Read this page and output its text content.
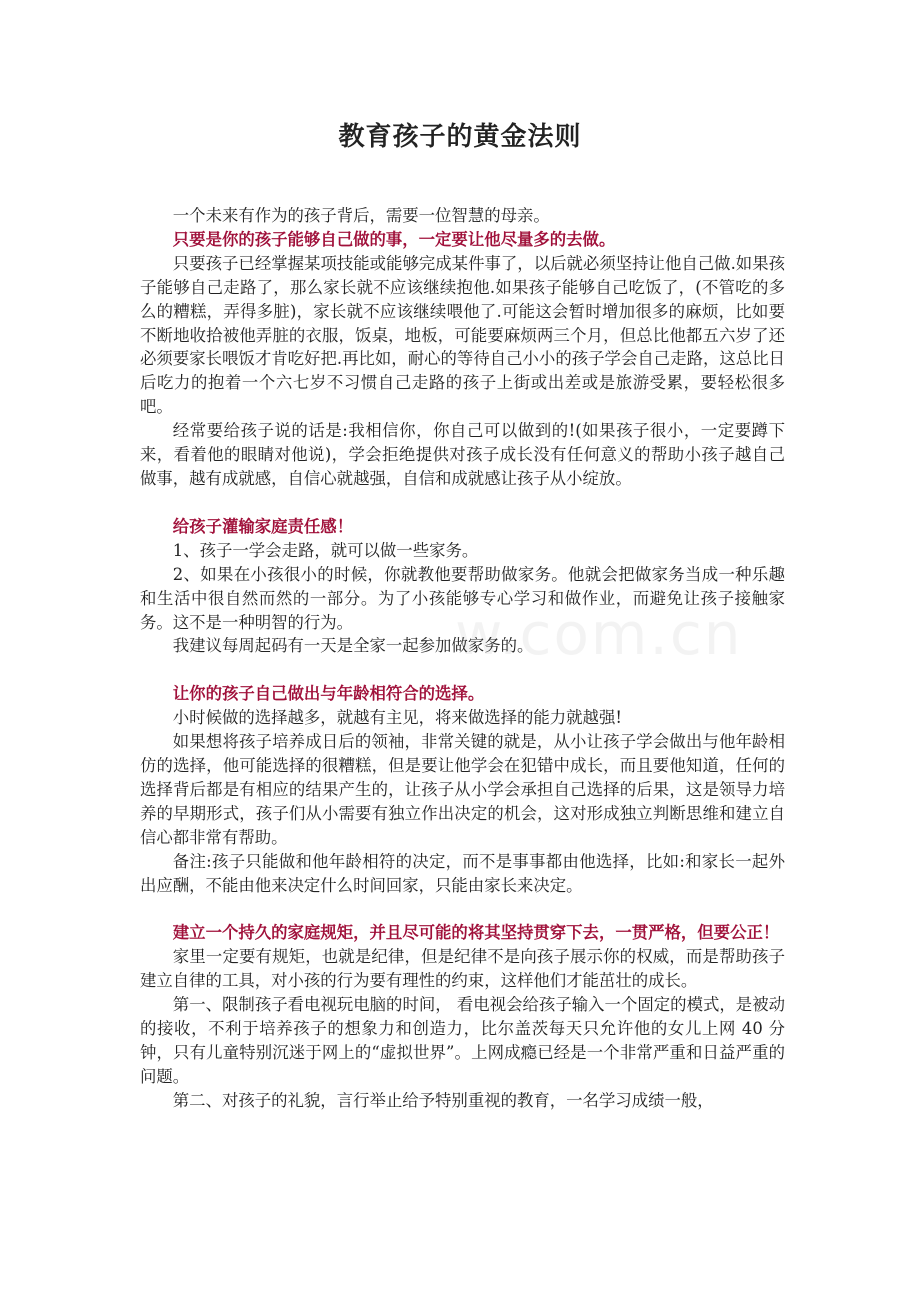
教育孩子的黄金法则

一个未来有作为的孩子背后，需要一位智慧的母亲。

只要是你的孩子能够自己做的事，一定要让他尽量多的去做。

只要孩子已经掌握某项技能或能够完成某件事了，以后就必须坚持让他自己做.如果孩子能够自己走路了，那么家长就不应该继续抱他.如果孩子能够自己吃饭了，(不管吃的多么的糟糕，弄得多脏)，家长就不应该继续喂他了.可能这会暂时增加很多的麻烦，比如要不断地收拾被他弄脏的衣服，饭桌，地板，可能要麻烦两三个月，但总比他都五六岁了还必须要家长喂饭才肯吃好把.再比如，耐心的等待自己小小的孩子学会自己走路，这总比日后吃力的抱着一个六七岁不习惯自己走路的孩子上街或出差或是旅游受累，要轻松很多吧。

经常要给孩子说的话是:我相信你，你自己可以做到的!(如果孩子很小，一定要蹲下来，看着他的眼睛对他说)，学会拒绝提供对孩子成长没有任何意义的帮助小孩子越自己做事，越有成就感，自信心就越强，自信和成就感让孩子从小绽放。

给孩子灌输家庭责任感！

1、孩子一学会走路，就可以做一些家务。

2、如果在小孩很小的时候，你就教他要帮助做家务。他就会把做家务当成一种乐趣和生活中很自然而然的一部分。为了小孩能够专心学习和做作业，而避免让孩子接触家务。这不是一种明智的行为。

我建议每周起码有一天是全家一起参加做家务的。

让你的孩子自己做出与年龄相符合的选择。

小时候做的选择越多，就越有主见，将来做选择的能力就越强!

如果想将孩子培养成日后的领袖，非常关键的就是，从小让孩子学会做出与他年龄相仿的选择，他可能选择的很糟糕，但是要让他学会在犯错中成长，而且要他知道，任何的选择背后都是有相应的结果产生的，让孩子从小学会承担自己选择的后果，这是领导力培养的早期形式，孩子们从小需要有独立作出决定的机会，这对形成独立判断思维和建立自信心都非常有帮助。

备注:孩子只能做和他年龄相符的决定，而不是事事都由他选择，比如:和家长一起外出应酬，不能由他来决定什么时间回家，只能由家长来决定。

建立一个持久的家庭规矩，并且尽可能的将其坚持贯穿下去，一贯严格，但要公正！

家里一定要有规矩，也就是纪律，但是纪律不是向孩子展示你的权威，而是帮助孩子建立自律的工具，对小孩的行为要有理性的约束，这样他们才能茁壮的成长。

第一、限制孩子看电视玩电脑的时间， 看电视会给孩子输入一个固定的模式，是被动的接收，不利于培养孩子的想象力和创造力，比尔盖茨每天只允许他的女儿上网 40 分钟，只有儿童特别沉迷于网上的“虚拟世界”。上网成瘾已经是一个非常严重和日益严重的问题。

第二、对孩子的礼貌，言行举止给予特别重视的教育，一名学习成绩一般，

w.com.cn
